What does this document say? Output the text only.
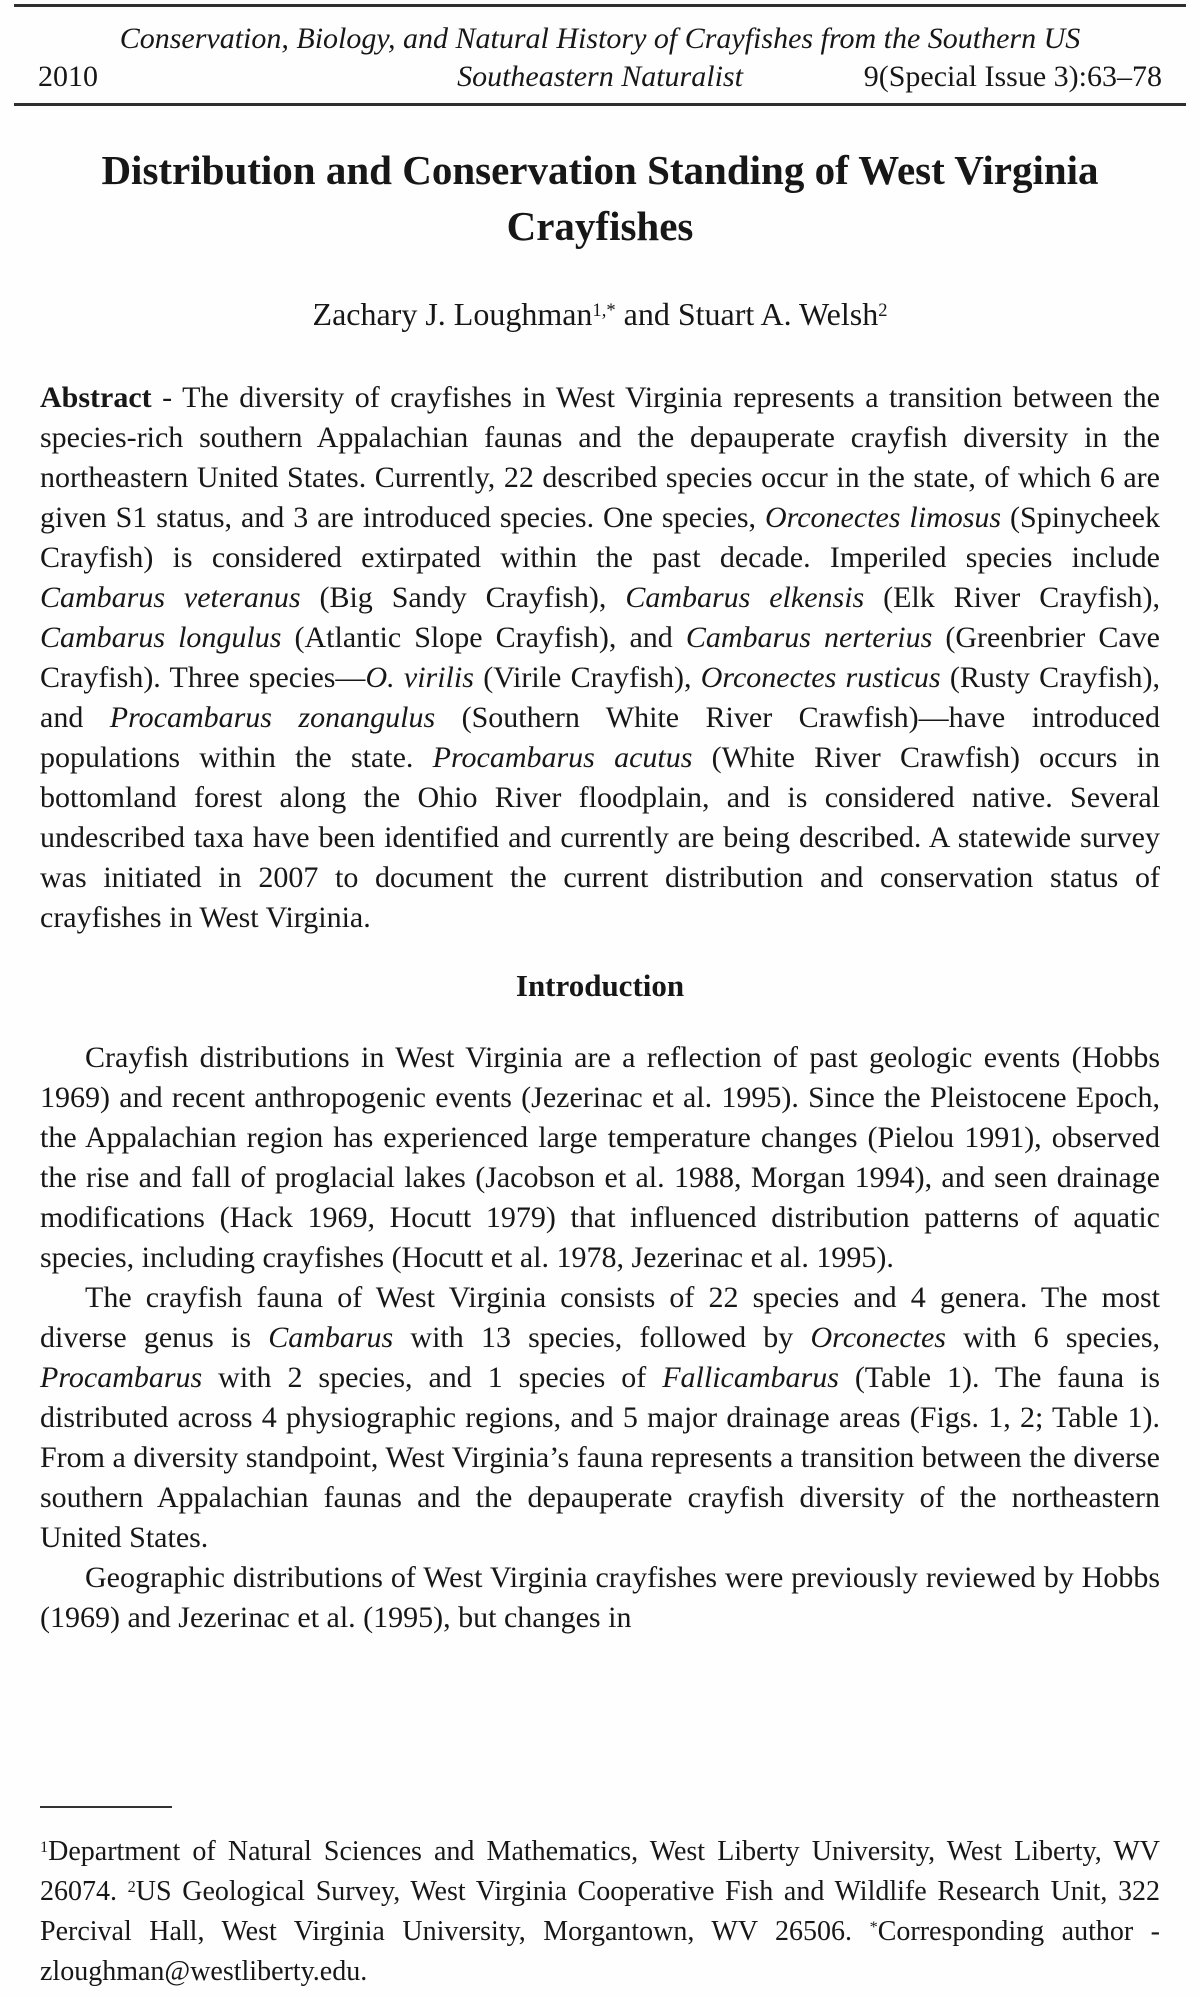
Conservation, Biology, and Natural History of Crayfishes from the Southern US
2010	Southeastern Naturalist	9(Special Issue 3):63–78
Distribution and Conservation Standing of West Virginia Crayfishes
Zachary J. Loughman$^{1,*}$ and Stuart A. Welsh$^2$
Abstract - The diversity of crayfishes in West Virginia represents a transition between the species-rich southern Appalachian faunas and the depauperate crayfish diversity in the northeastern United States. Currently, 22 described species occur in the state, of which 6 are given S1 status, and 3 are introduced species. One species, Orconectes limosus (Spinycheek Crayfish) is considered extirpated within the past decade. Imperiled species include Cambarus veteranus (Big Sandy Crayfish), Cambarus elkensis (Elk River Crayfish), Cambarus longulus (Atlantic Slope Crayfish), and Cambarus nerterius (Greenbrier Cave Crayfish). Three species—O. virilis (Virile Crayfish), Orconectes rusticus (Rusty Crayfish), and Procambarus zonangulus (Southern White River Crawfish)—have introduced populations within the state. Procambarus acutus (White River Crawfish) occurs in bottomland forest along the Ohio River floodplain, and is considered native. Several undescribed taxa have been identified and currently are being described. A statewide survey was initiated in 2007 to document the current distribution and conservation status of crayfishes in West Virginia.
Introduction
Crayfish distributions in West Virginia are a reflection of past geologic events (Hobbs 1969) and recent anthropogenic events (Jezerinac et al. 1995). Since the Pleistocene Epoch, the Appalachian region has experienced large temperature changes (Pielou 1991), observed the rise and fall of proglacial lakes (Jacobson et al. 1988, Morgan 1994), and seen drainage modifications (Hack 1969, Hocutt 1979) that influenced distribution patterns of aquatic species, including crayfishes (Hocutt et al. 1978, Jezerinac et al. 1995).
The crayfish fauna of West Virginia consists of 22 species and 4 genera. The most diverse genus is Cambarus with 13 species, followed by Orconectes with 6 species, Procambarus with 2 species, and 1 species of Fallicambarus (Table 1). The fauna is distributed across 4 physiographic regions, and 5 major drainage areas (Figs. 1, 2; Table 1). From a diversity standpoint, West Virginia’s fauna represents a transition between the diverse southern Appalachian faunas and the depauperate crayfish diversity of the northeastern United States.
Geographic distributions of West Virginia crayfishes were previously reviewed by Hobbs (1969) and Jezerinac et al. (1995), but changes in
$^1$Department of Natural Sciences and Mathematics, West Liberty University, West Liberty, WV 26074. $^2$US Geological Survey, West Virginia Cooperative Fish and Wildlife Research Unit, 322 Percival Hall, West Virginia University, Morgantown, WV 26506. *Corresponding author - zloughman@westliberty.edu.
